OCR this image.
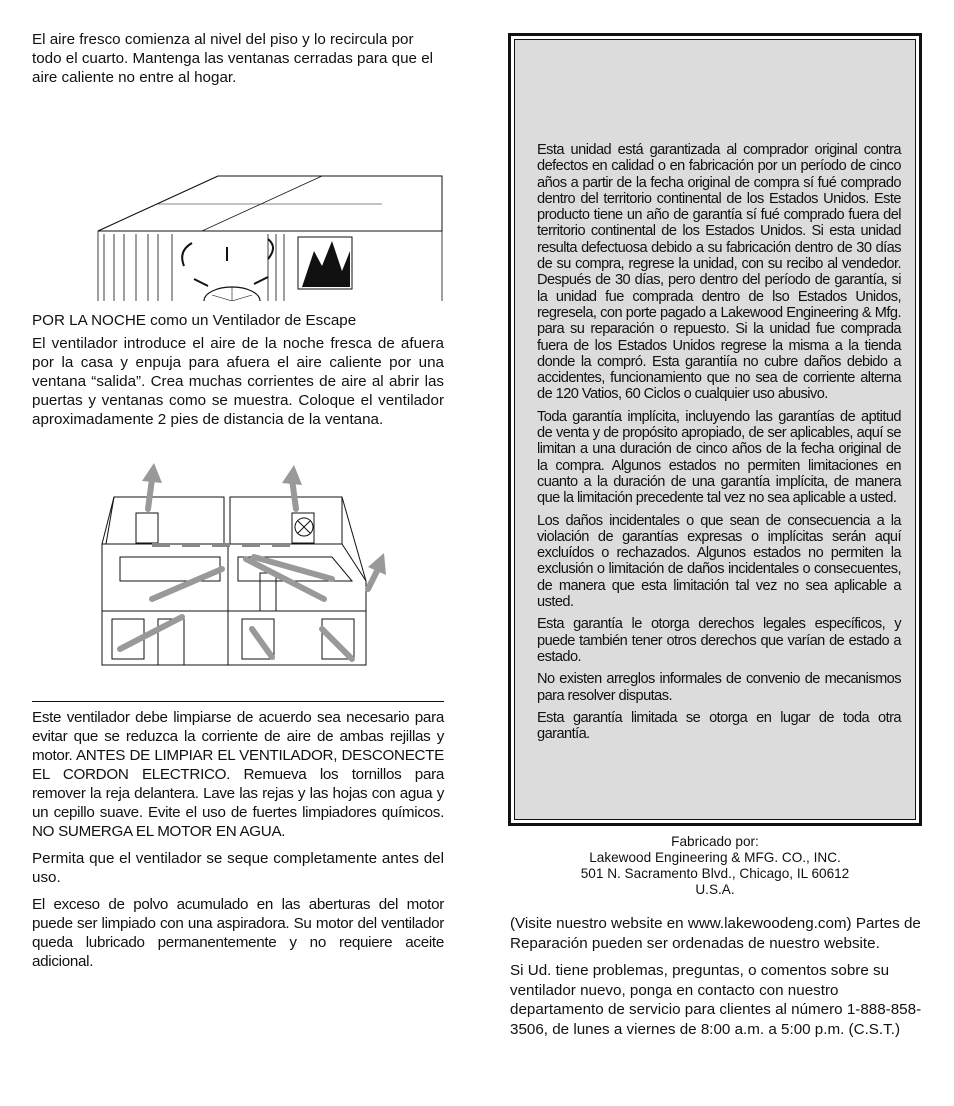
El aire fresco comienza al nivel del piso y lo recircula por todo el cuarto. Mantenga las ventanas cerradas para que el aire caliente no entre al hogar.

POR LA NOCHE como un Ventilador de Escape

El ventilador introduce el aire de la noche fresca de afuera por la casa y enpuja para afuera el aire caliente por una ventana “salida”. Crea muchas corrientes de aire al abrir las puertas y ventanas como se muestra. Coloque el ventilador aproximadamente 2 pies de distancia de la ventana.

Este ventilador debe limpiarse de acuerdo sea necesario para evitar que se reduzca la corriente de aire de ambas rejillas y motor. ANTES DE LIMPIAR EL VENTILADOR, DESCONECTE EL CORDON ELECTRICO. Remueva los tornillos para remover la reja delantera. Lave las rejas y las hojas con agua y un cepillo suave. Evite el uso de fuertes limpiadores químicos. NO SUMERGA EL MOTOR EN AGUA.

Permita que el ventilador se seque completamente antes del uso.

El exceso de polvo acumulado en las aberturas del motor puede ser limpiado con una aspiradora. Su motor del ventilador queda lubricado permanentemente y no requiere aceite adicional.

Esta unidad está garantizada al comprador original contra defectos en calidad o en fabricación por un período de cinco años a partir de la fecha original de compra sí fué comprado dentro del territorio continental de los Estados Unidos. Este producto tiene un año de garantía sí fué comprado fuera del territorio continental de los Estados Unidos. Si esta unidad resulta defectuosa debido a su fabricación dentro de 30 días de su compra, regrese la unidad, con su recibo al vendedor. Después de 30 días, pero dentro del período de garantía, si la unidad fue comprada dentro de lso Estados Unidos, regresela, con porte pagado a Lakewood Engineering & Mfg. para su reparación o repuesto. Si la unidad fue comprada fuera de los Estados Unidos regrese la misma a la tienda donde la compró. Esta garantiía no cubre daños debido a accidentes, funcionamiento que no sea de corriente alterna de 120 Vatios, 60 Ciclos o cualquier uso abusivo.

Toda garantía implícita, incluyendo las garantías de aptitud de venta y de propósito apropiado, de ser aplicables, aquí se limitan a una duración de cinco años de la fecha original de la compra. Algunos estados no permiten limitaciones en cuanto a la duración de una garantía implícita, de manera que la limitación precedente tal vez no sea aplicable a usted.

Los daños incidentales o que sean de consecuencia a la violación de garantías expresas o implícitas serán aquí excluídos o rechazados. Algunos estados no permiten la exclusión o limitación de daños incidentales o consecuentes, de manera que esta limitación tal vez no sea aplicable a usted.

Esta garantía le otorga derechos legales específicos, y puede también tener otros derechos que varían de estado a estado.

No existen arreglos informales de convenio de mecanismos para resolver disputas.

Esta garantía limitada se otorga en lugar de toda otra garantía.

Fabricado por:
Lakewood Engineering & MFG. CO., INC.
501 N. Sacramento Blvd., Chicago, IL 60612
U.S.A.

(Visite nuestro website en www.lakewoodeng.com) Partes de Reparación pueden ser ordenadas de nuestro website.

Si Ud. tiene problemas, preguntas, o comentos sobre su ventilador nuevo, ponga en contacto con nuestro departamento de servicio para clientes al número 1-888-858-3506, de lunes a viernes de 8:00 a.m. a 5:00 p.m. (C.S.T.)
